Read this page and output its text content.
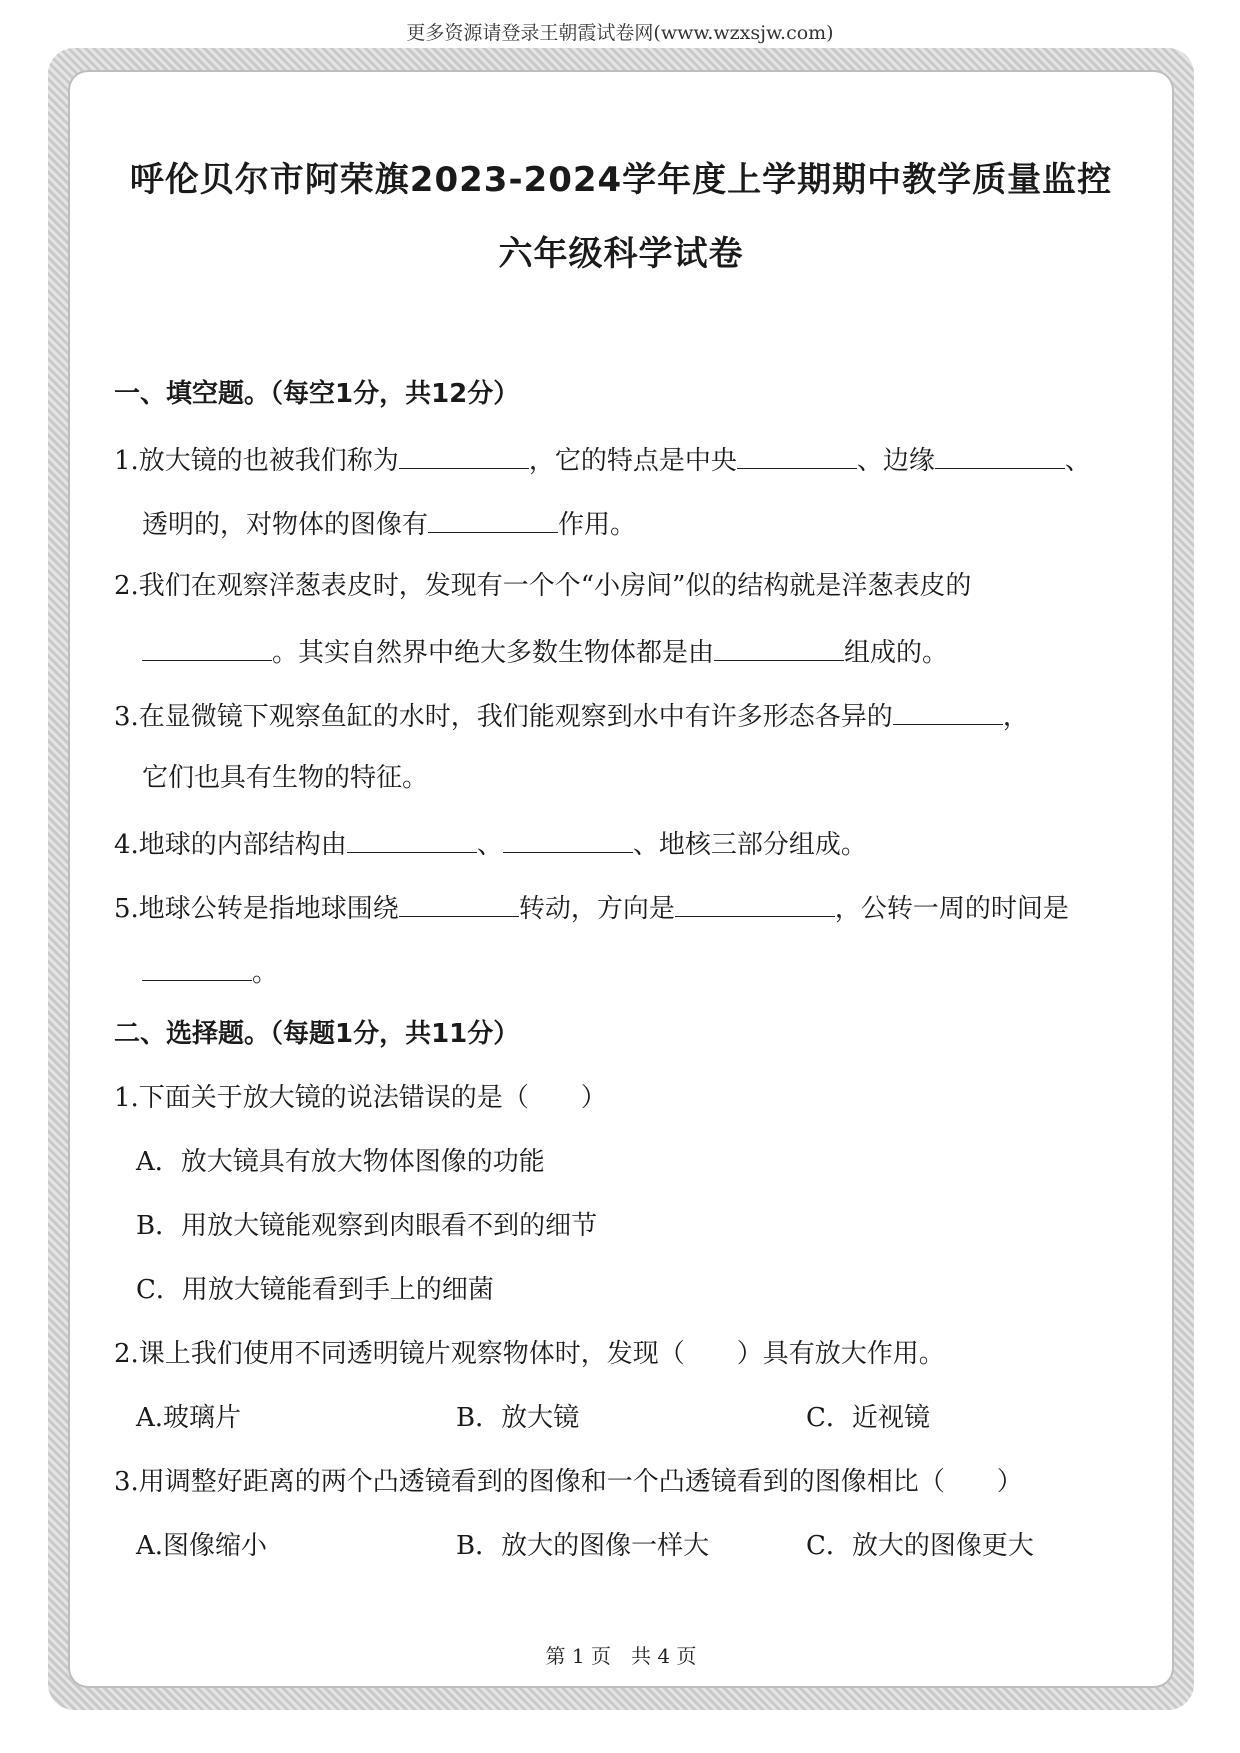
更多资源请登录王朝霞试卷网(www.wzxsjw.com)
呼伦贝尔市阿荣旗2023-2024学年度上学期期中教学质量监控
六年级科学试卷
一、填空题。（每空1分，共12分）
1.放大镜的也被我们称为	，它的特点是中央	、边缘	、
透明的，对物体的图像有	作用。
2.我们在观察洋葱表皮时，发现有一个个“小房间”似的结构就是洋葱表皮的
。其实自然界中绝大多数生物体都是由	组成的。
3.在显微镜下观察鱼缸的水时，我们能观察到水中有许多形态各异的	，
它们也具有生物的特征。
4.地球的内部结构由	、	、地核三部分组成。
5.地球公转是指地球围绕	转动，方向是	，公转一周的时间是
。
二、选择题。（每题1分，共11分）
1.下面关于放大镜的说法错误的是（　　）
A．放大镜具有放大物体图像的功能
B．用放大镜能观察到肉眼看不到的细节
C．用放大镜能看到手上的细菌
2.课上我们使用不同透明镜片观察物体时，发现（　　）具有放大作用。
A.玻璃片	B．放大镜	C．近视镜
3.用调整好距离的两个凸透镜看到的图像和一个凸透镜看到的图像相比（　　）
A.图像缩小	B．放大的图像一样大	C．放大的图像更大
第 1 页　共 4 页
